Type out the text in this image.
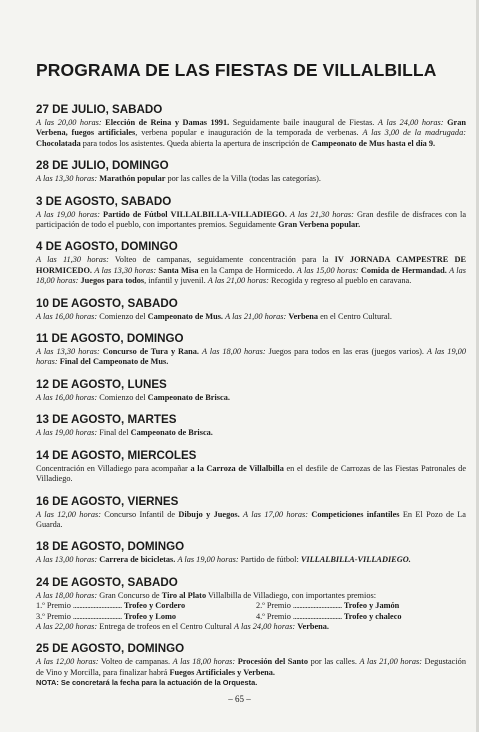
PROGRAMA DE LAS FIESTAS DE VILLALBILLA
27 DE JULIO, SABADO
A las 20,00 horas: Elección de Reina y Damas 1991. Seguidamente baile inaugural de Fiestas. A las 24,00 horas: Gran Verbena, fuegos artificiales, verbena popular e inauguración de la temporada de verbenas. A las 3,00 de la madrugada: Chocolatada para todos los asistentes. Queda abierta la apertura de inscripción de Campeonato de Mus hasta el día 9.
28 DE JULIO, DOMINGO
A las 13,30 horas: Marathón popular por las calles de la Villa (todas las categorías).
3 DE AGOSTO, SABADO
A las 19,00 horas: Partido de Fútbol VILLALBILLA-VILLADIEGO. A las 21,30 horas: Gran desfile de disfraces con la participación de todo el pueblo, con importantes premios. Seguidamente Gran Verbena popular.
4 DE AGOSTO, DOMINGO
A las 11,30 horas: Volteo de campanas, seguidamente concentración para la IV JORNADA CAMPESTRE DE HORMICEDO. A las 13,30 horas: Santa Misa en la Campa de Hormicedo. A las 15,00 horas: Comida de Hermandad. A las 18,00 horas: Juegos para todos, infantil y juvenil. A las 21,00 horas: Recogida y regreso al pueblo en caravana.
10 DE AGOSTO, SABADO
A las 16,00 horas: Comienzo del Campeonato de Mus. A las 21,00 horas: Verbena en el Centro Cultural.
11 DE AGOSTO, DOMINGO
A las 13,30 horas: Concurso de Tura y Rana. A las 18,00 horas: Juegos para todos en las eras (juegos varios). A las 19,00 horas: Final del Campeonato de Mus.
12 DE AGOSTO, LUNES
A las 16,00 horas: Comienzo del Campeonato de Brisca.
13 DE AGOSTO, MARTES
A las 19,00 horas: Final del Campeonato de Brisca.
14 DE AGOSTO, MIERCOLES
Concentración en Villadiego para acompañar a la Carroza de Villalbilla en el desfile de Carrozas de las Fiestas Patronales de Villadiego.
16 DE AGOSTO, VIERNES
A las 12,00 horas: Concurso Infantil de Dibujo y Juegos. A las 17,00 horas: Competiciones infantiles En El Pozo de La Guarda.
18 DE AGOSTO, DOMINGO
A las 13,00 horas: Carrera de bicicletas. A las 19,00 horas: Partido de fútbol: VILLALBILLA-VILLADIEGO.
24 DE AGOSTO, SABADO
A las 18,00 horas: Gran Concurso de Tiro al Plato Villalbilla de Villadiego, con importantes premios:
1.º Premio ............................... Trofeo y Cordero	2.º Premio ............................... Trofeo y Jamón
3.º Premio ............................... Trofeo y Lomo	4.º Premio ............................... Trofeo y chaleco
A las 22,00 horas: Entrega de trofeos en el Centro Cultural A las 24,00 horas: Verbena.
25 DE AGOSTO, DOMINGO
A las 12,00 horas: Volteo de campanas. A las 18,00 horas: Procesión del Santo por las calles. A las 21,00 horas: Degustación de Vino y Morcilla, para finalizar habrá Fuegos Artificiales y Verbena.
NOTA: Se concretará la fecha para la actuación de la Orquesta.
– 65 –
